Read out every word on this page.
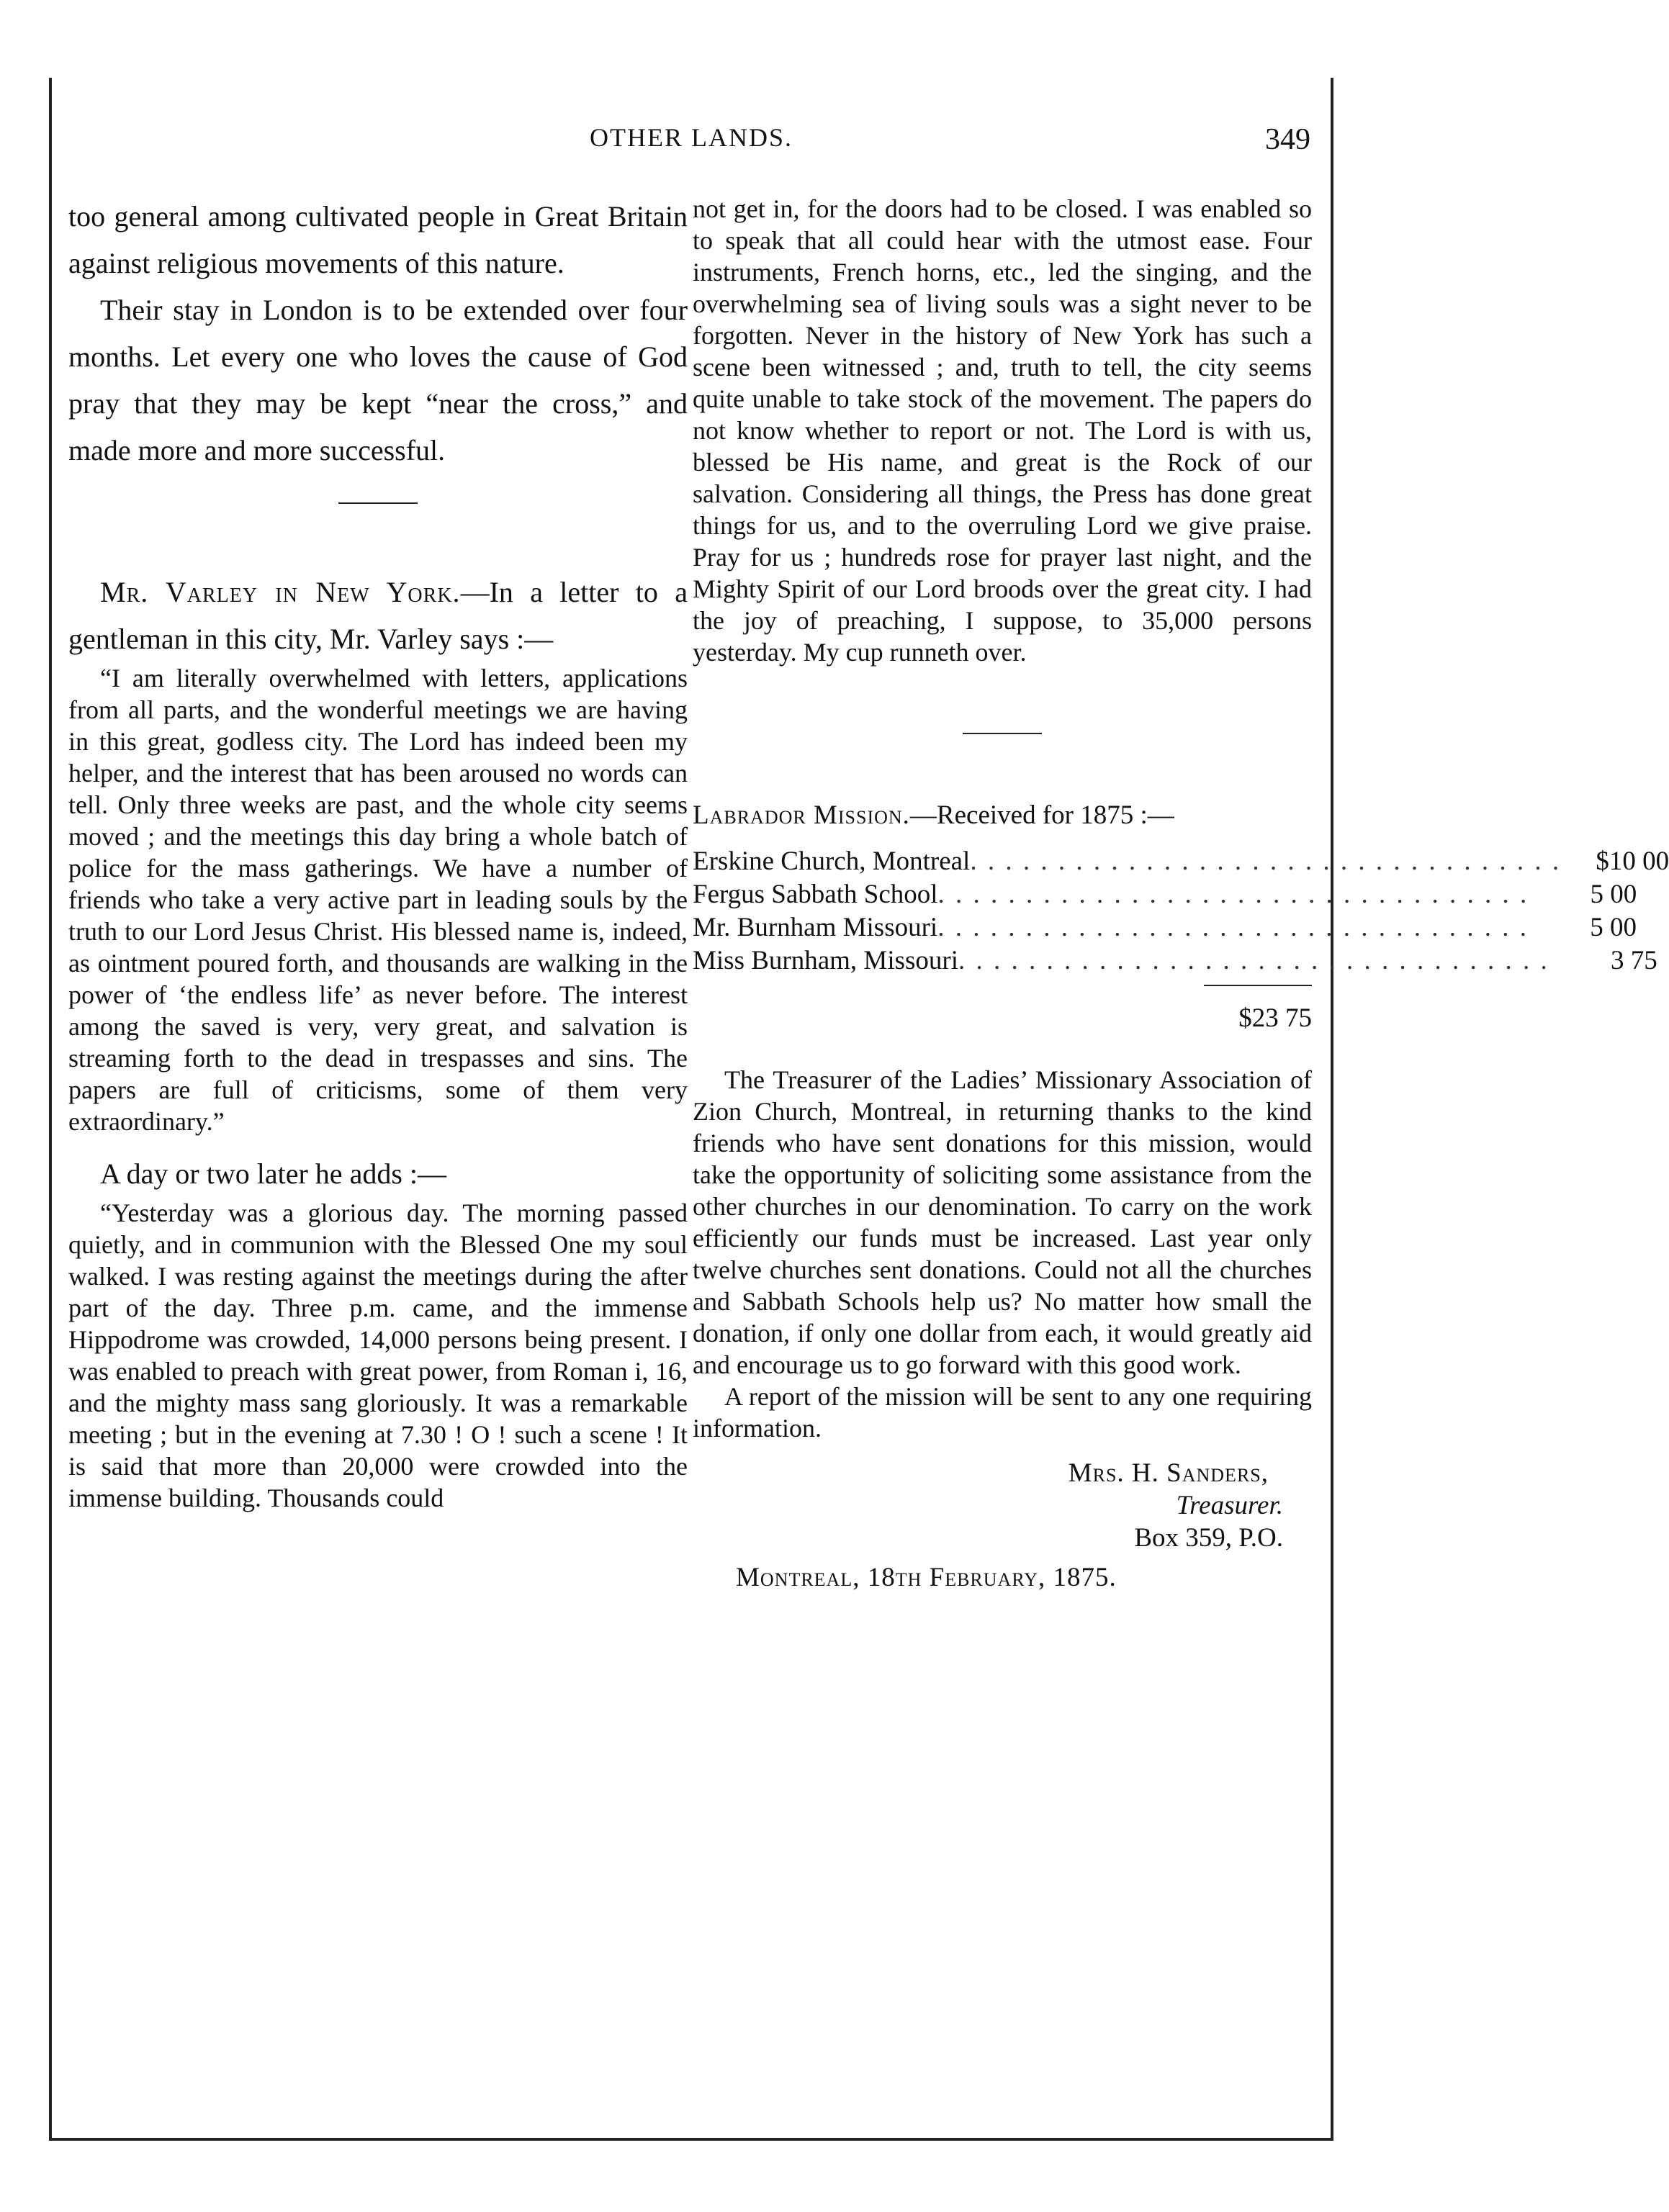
OTHER LANDS.	349

too general among cultivated people in Great Britain against religious movements of this nature.

Their stay in London is to be extended over four months. Let every one who loves the cause of God pray that they may be kept “near the cross,” and made more and more successful.

Mr. Varley in New York.—In a letter to a gentleman in this city, Mr. Varley says :—

“I am literally overwhelmed with letters, applications from all parts, and the wonderful meetings we are having in this great, godless city. The Lord has indeed been my helper, and the interest that has been aroused no words can tell. Only three weeks are past, and the whole city seems moved ; and the meetings this day bring a whole batch of police for the mass gatherings. We have a number of friends who take a very active part in leading souls by the truth to our Lord Jesus Christ. His blessed name is, indeed, as ointment poured forth, and thousands are walking in the power of ‘the endless life’ as never before. The interest among the saved is very, very great, and salvation is streaming forth to the dead in trespasses and sins. The papers are full of criticisms, some of them very extraordinary.”

A day or two later he adds :—

“Yesterday was a glorious day. The morning passed quietly, and in communion with the Blessed One my soul walked. I was resting against the meetings during the after part of the day. Three p.m. came, and the immense Hippodrome was crowded, 14,000 persons being present. I was enabled to preach with great power, from Roman i, 16, and the mighty mass sang gloriously. It was a remarkable meeting ; but in the evening at 7.30 ! O ! such a scene ! It is said that more than 20,000 were crowded into the immense building. Thousands could

not get in, for the doors had to be closed. I was enabled so to speak that all could hear with the utmost ease. Four instruments, French horns, etc., led the singing, and the overwhelming sea of living souls was a sight never to be forgotten. Never in the history of New York has such a scene been witnessed ; and, truth to tell, the city seems quite unable to take stock of the movement. The papers do not know whether to report or not. The Lord is with us, blessed be His name, and great is the Rock of our salvation. Considering all things, the Press has done great things for us, and to the overruling Lord we give praise. Pray for us ; hundreds rose for prayer last night, and the Mighty Spirit of our Lord broods over the great city. I had the joy of preaching, I suppose, to 35,000 persons yesterday. My cup runneth over.

Labrador Mission.—Received for 1875 :—

Erskine Church, Montreal . . . . . . . . . . . . . . . . . . . . . . . . . . . . . . . . . .	$10 00
Fergus Sabbath School . . . . . . . . . . . . . . . . . . . . . . . . . . . . . . . . . .	5 00
Mr. Burnham Missouri . . . . . . . . . . . . . . . . . . . . . . . . . . . . . . . . . .	5 00
Miss Burnham, Missouri . . . . . . . . . . . . . . . . . . . . . . . . . . . . . . . . . .	3 75
$23 75

The Treasurer of the Ladies’ Missionary Association of Zion Church, Montreal, in returning thanks to the kind friends who have sent donations for this mission, would take the opportunity of soliciting some assistance from the other churches in our denomination. To carry on the work efficiently our funds must be increased. Last year only twelve churches sent donations. Could not all the churches and Sabbath Schools help us? No matter how small the donation, if only one dollar from each, it would greatly aid and encourage us to go forward with this good work.

A report of the mission will be sent to any one requiring information.

Mrs. H. Sanders,
Treasurer.
Box 359, P.O.
Montreal, 18th February, 1875.
